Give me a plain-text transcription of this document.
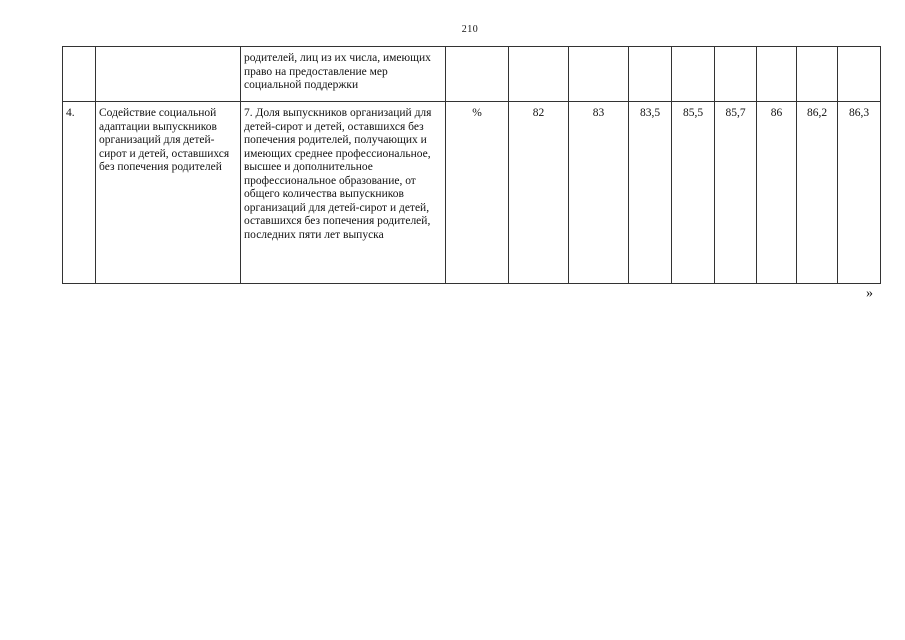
210
		родителей, лиц из их числа, имеющих право на предоставление мер социальной поддержки									
4.	Содействие социальной адаптации выпускников организаций для детей-сирот и детей, оставшихся без попечения родителей	7. Доля выпускников организаций для детей-сирот и детей, оставшихся без попечения родителей, получающих и имеющих среднее профессиональное, высшее и дополнительное профессиональное образование, от общего количества выпускников организаций для детей-сирот и детей, оставшихся без попечения родителей, последних пяти лет выпуска	%	82	83	83,5	85,5	85,7	86	86,2	86,3
»
